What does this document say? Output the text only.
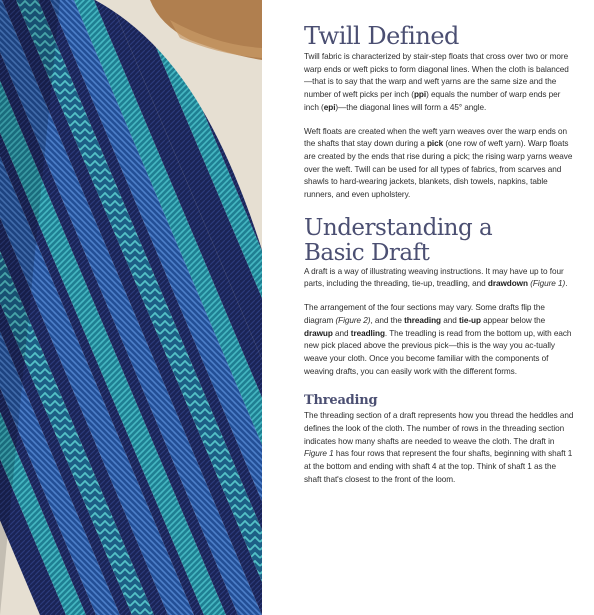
Twill Defined

Twill fabric is characterized by stair-step floats that cross over two or more warp ends or weft picks to form diagonal lines. When the cloth is balanced—that is to say that the warp and weft yarns are the same size and the number of weft picks per inch (ppi) equals the number of warp ends per inch (epi)—the diagonal lines will form a 45° angle.

Weft floats are created when the weft yarn weaves over the warp ends on the shafts that stay down during a pick (one row of weft yarn). Warp floats are created by the ends that rise during a pick; the rising warp yarns weave over the weft. Twill can be used for all types of fabrics, from scarves and shawls to hard-wearing jackets, blankets, dish towels, napkins, table runners, and even upholstery.

Understanding a
Basic Draft

A draft is a way of illustrating weaving instructions. It may have up to four parts, including the threading, tie-up, treadling, and drawdown (Figure 1).

The arrangement of the four sections may vary. Some drafts flip the diagram (Figure 2), and the threading and tie-up appear below the drawup and treadling. The treadling is read from the bottom up, with each new pick placed above the previous pick—this is the way you ac-tually weave your cloth. Once you become familiar with the components of weaving drafts, you can easily work with the different forms.

Threading

The threading section of a draft represents how you thread the heddles and defines the look of the cloth. The number of rows in the threading section indicates how many shafts are needed to weave the cloth. The draft in Figure 1 has four rows that represent the four shafts, beginning with shaft 1 at the bottom and ending with shaft 4 at the top. Think of shaft 1 as the shaft that's closest to the front of the loom.
